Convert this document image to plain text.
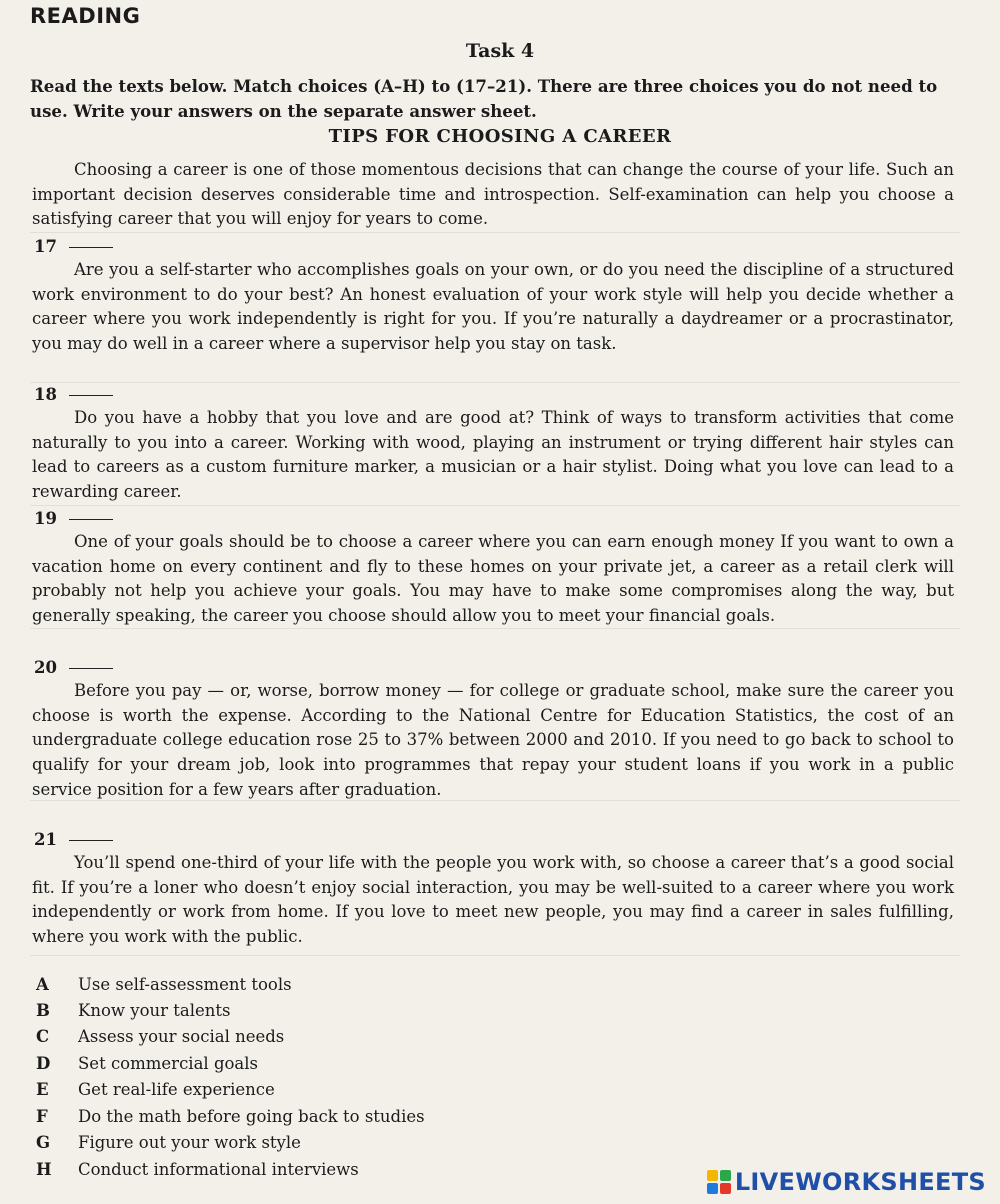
READING
Task 4
Read the texts below. Match choices (A–H) to (17–21). There are three choices you do not need to use. Write your answers on the separate answer sheet.
TIPS FOR CHOOSING A CAREER
Choosing a career is one of those momentous decisions that can change the course of your life. Such an important decision deserves considerable time and introspection. Self-examination can help you choose a satisfying career that you will enjoy for years to come.
17
Are you a self-starter who accomplishes goals on your own, or do you need the discipline of a structured work environment to do your best? An honest evaluation of your work style will help you decide whether a career where you work independently is right for you. If you’re naturally a daydreamer or a procrastinator, you may do well in a career where a supervisor help you stay on task.
18
Do you have a hobby that you love and are good at? Think of ways to transform activities that come naturally to you into a career. Working with wood, playing an instrument or trying different hair styles can lead to careers as a custom furniture marker, a musician or a hair stylist. Doing what you love can lead to a rewarding career.
19
One of your goals should be to choose a career where you can earn enough money If you want to own a vacation home on every continent and fly to these homes on your private jet, a career as a retail clerk will probably not help you achieve your goals. You may have to make some compromises along the way, but generally speaking, the career you choose should allow you to meet your financial goals.
20
Before you pay — or, worse, borrow money — for college or graduate school, make sure the career you choose is worth the expense. According to the National Centre for Education Statistics, the cost of an undergraduate college education rose 25 to 37% between 2000 and 2010. If you need to go back to school to qualify for your dream job, look into programmes that repay your student loans if you work in a public service position for a few years after graduation.
21
You’ll spend one-third of your life with the people you work with, so choose a career that’s a good social fit. If you’re a loner who doesn’t enjoy social interaction, you may be well-suited to a career where you work independently or work from home. If you love to meet new people, you may find a career in sales fulfilling, where you work with the public.
A Use self-assessment tools
B Know your talents
C Assess your social needs
D Set commercial goals
E Get real-life experience
F Do the math before going back to studies
G Figure out your work style
H Conduct informational interviews	LIVEWORKSHEETS
